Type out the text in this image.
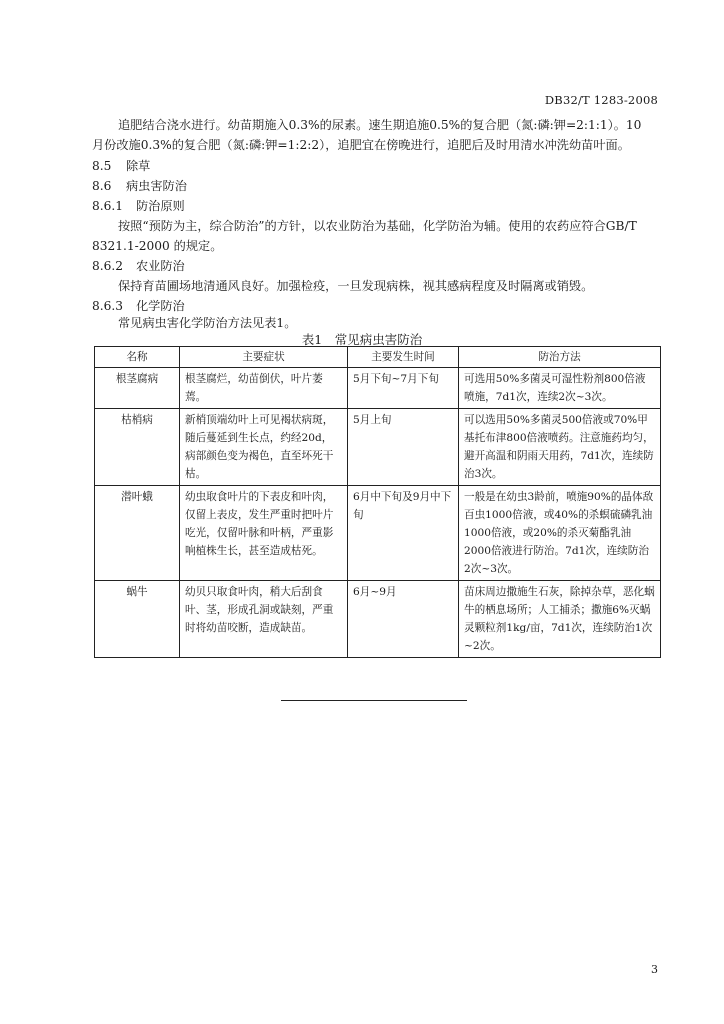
DB32/T 1283-2008
追肥结合浇水进行。幼苗期施入0.3%的尿素。速生期追施0.5%的复合肥（氮:磷:钾=2:1:1）。10
月份改施0.3%的复合肥（氮:磷:钾=1:2:2），追肥宜在傍晚进行，追肥后及时用清水冲洗幼苗叶面。
8.5 除草
8.6 病虫害防治
8.6.1 防治原则
按照“预防为主，综合防治”的方针，以农业防治为基础，化学防治为辅。使用的农药应符合GB/T
8321.1-2000 的规定。
8.6.2 农业防治
保持育苗圃场地清通风良好。加强检疫，一旦发现病株，视其感病程度及时隔离或销毁。
8.6.3 化学防治
常见病虫害化学防治方法见表1。
表1　常见病虫害防治
名称	主要症状	主要发生时间	防治方法
根茎腐病	根茎腐烂，幼苗倒伏，叶片萎蔫。	5月下旬~7月下旬	可选用50%多菌灵可湿性粉剂800倍液喷施，7d1次，连续2次~3次。
枯梢病	新梢顶端幼叶上可见褐状病斑，随后蔓延到生长点，约经20d，病部颜色变为褐色，直至坏死干枯。	5月上旬	可以选用50%多菌灵500倍液或70%甲基托布津800倍液喷药。注意施药均匀，避开高温和阴雨天用药，7d1次，连续防治3次。
潜叶蛾	幼虫取食叶片的下表皮和叶肉，仅留上表皮，发生严重时把叶片吃光，仅留叶脉和叶柄，严重影响植株生长，甚至造成枯死。	6月中下旬及9月中下旬	一般是在幼虫3龄前，喷施90%的晶体敌百虫1000倍液，或40%的杀螟硫磷乳油1000倍液，或20%的杀灭菊酯乳油2000倍液进行防治。7d1次，连续防治2次~3次。
蜗牛	幼贝只取食叶肉，稍大后刮食叶、茎，形成孔洞或缺刻，严重时将幼苗咬断，造成缺苗。	6月~9月	苗床周边撒施生石灰，除掉杂草，恶化蜗牛的栖息场所；人工捕杀；撒施6%灭蜗灵颗粒剂1kg/亩，7d1次，连续防治1次~2次。
3
